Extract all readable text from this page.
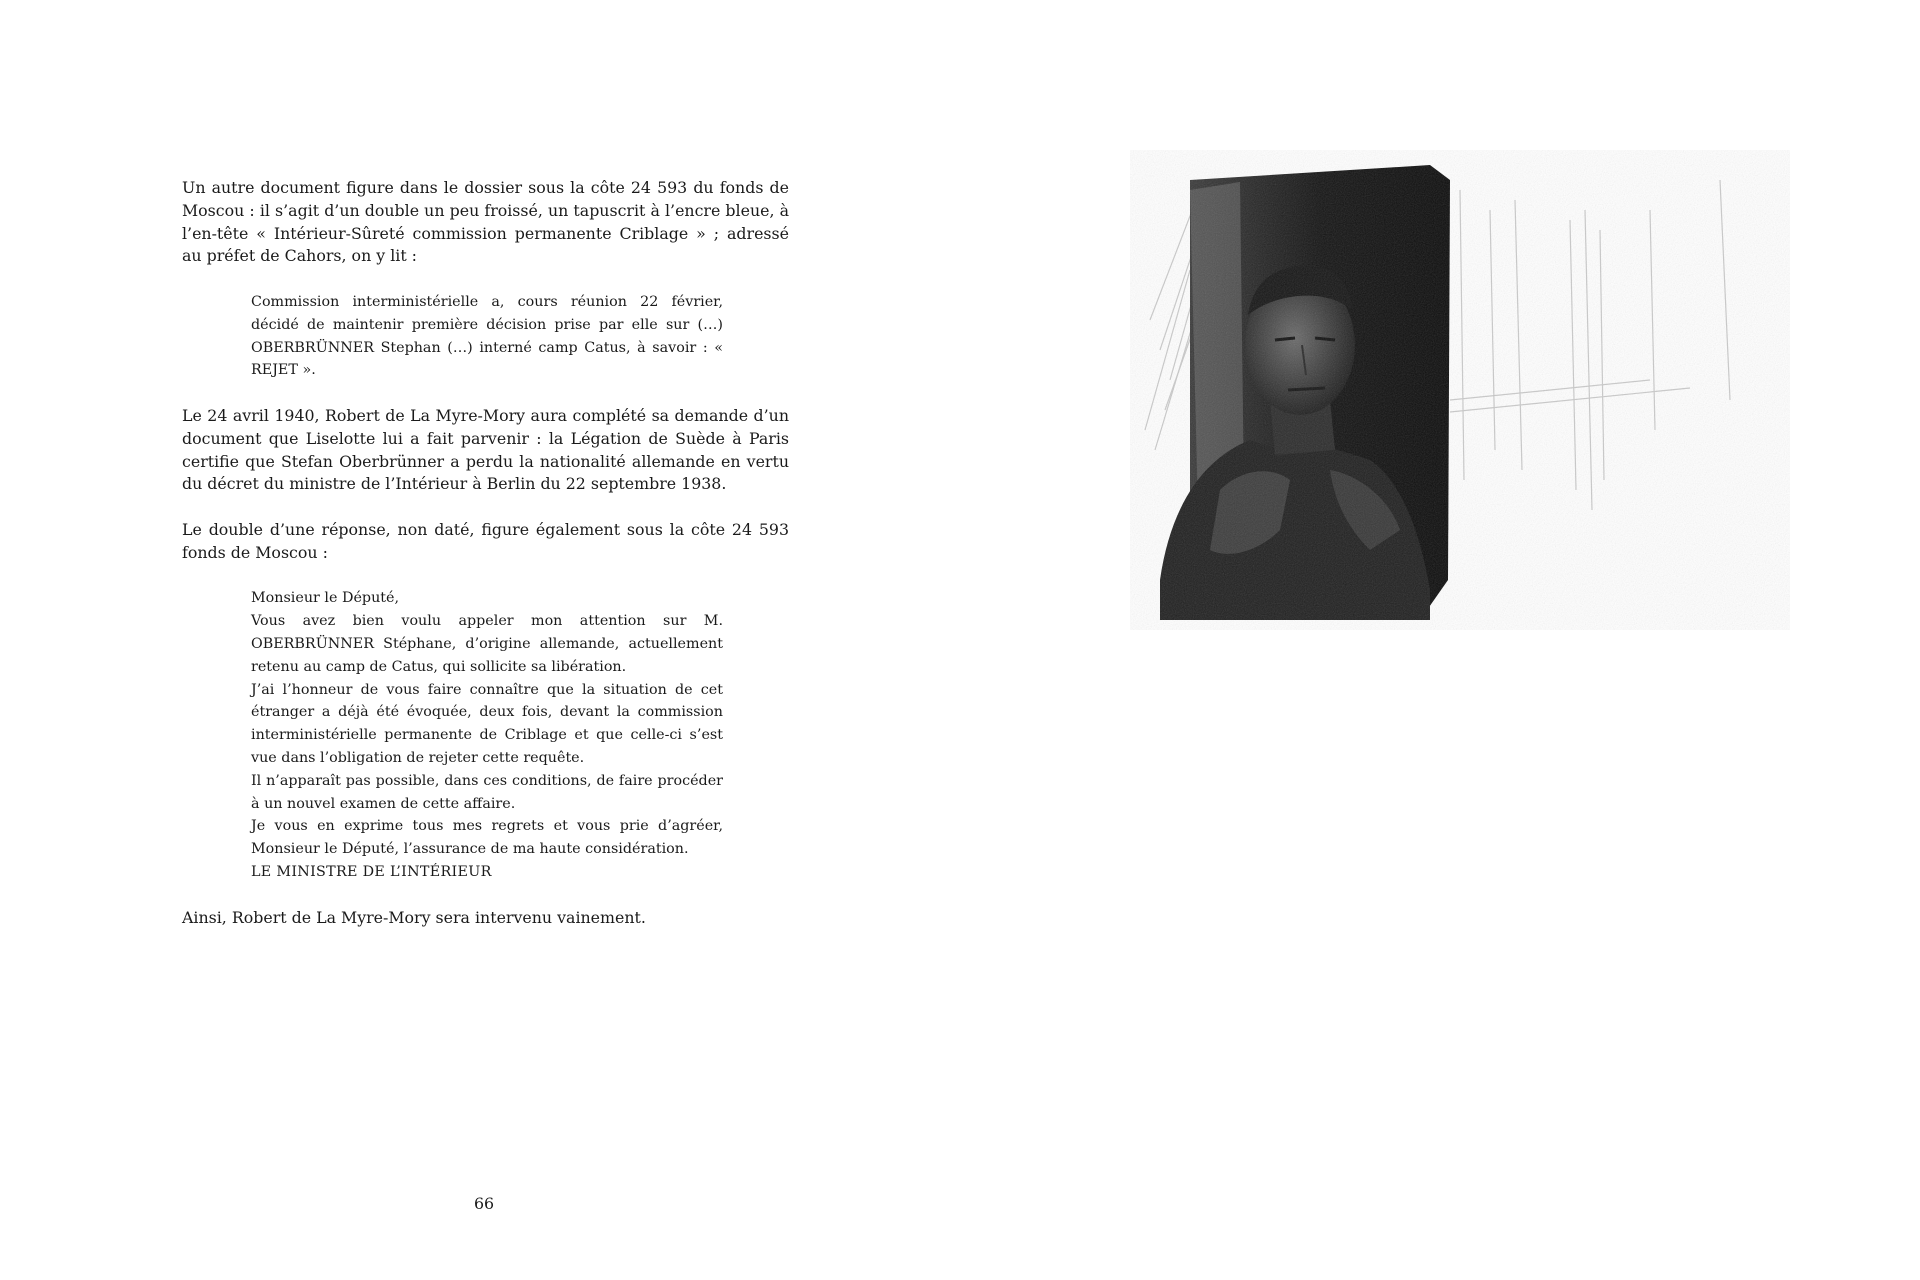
Un autre document figure dans le dossier sous la côte 24 593 du fonds de Moscou : il s’agit d’un double un peu froissé, un tapuscrit à l’encre bleue, à l’en-tête « Intérieur-Sûreté commission permanente Criblage » ; adressé au préfet de Cahors, on y lit :

Commission interministérielle a, cours réunion 22 février, décidé de maintenir première décision prise par elle sur (…) OBERBRÜNNER Stephan (…) interné camp Catus, à savoir : « REJET ».

Le 24 avril 1940, Robert de La Myre-Mory aura complété sa demande d’un document que Liselotte lui a fait parvenir : la Légation de Suède à Paris certifie que Stefan Oberbrünner a perdu la nationalité allemande en vertu du décret du ministre de l’Intérieur à Berlin du 22 septembre 1938.

Le double d’une réponse, non daté, figure également sous la côte 24 593 fonds de Moscou :

Monsieur le Député,
Vous avez bien voulu appeler mon attention sur M. OBERBRÜNNER Stéphane, d’origine allemande, actuellement retenu au camp de Catus, qui sollicite sa libération.
J’ai l’honneur de vous faire connaître que la situation de cet étranger a déjà été évoquée, deux fois, devant la commission interministérielle permanente de Criblage et que celle-ci s’est vue dans l’obligation de rejeter cette requête.
Il n’apparaît pas possible, dans ces conditions, de faire procéder à un nouvel examen de cette affaire.
Je vous en exprime tous mes regrets et vous prie d’agréer, Monsieur le Député, l’assurance de ma haute considération.
LE MINISTRE DE L’INTÉRIEUR

Ainsi, Robert de La Myre-Mory sera intervenu vainement.

66
